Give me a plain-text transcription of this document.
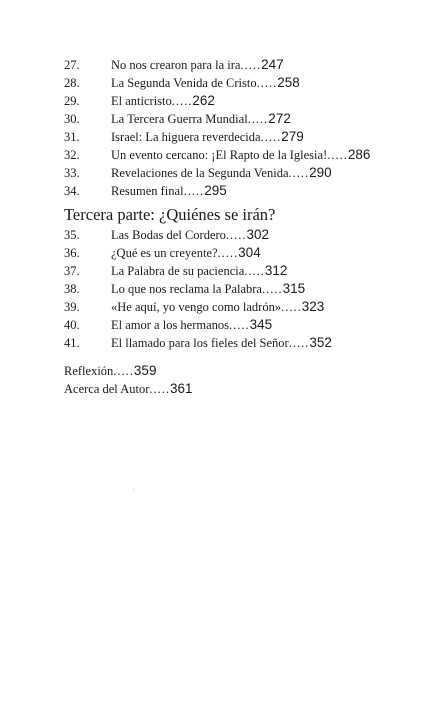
27.	No nos crearon para la ira.....247
28.	La Segunda Venida de Cristo.....258
29.	El anticristo.....262
30.	La Tercera Guerra Mundial.....272
31.	Israel: La higuera reverdecida.....279
32.	Un evento cercano: ¡El Rapto de la Iglesia!.....286
33.	Revelaciones de la Segunda Venida.....290
34.	Resumen final.....295
Tercera parte: ¿Quiénes se irán?
35.	Las Bodas del Cordero.....302
36.	¿Qué es un creyente?.....304
37.	La Palabra de su paciencia.....312
38.	Lo que nos reclama la Palabra.....315
39.	«He aquí, yo vengo como ladrón».....323
40.	El amor a los hermanos.....345
41.	El llamado para los fieles del Señor.....352
Reflexión.....359
Acerca del Autor.....361
